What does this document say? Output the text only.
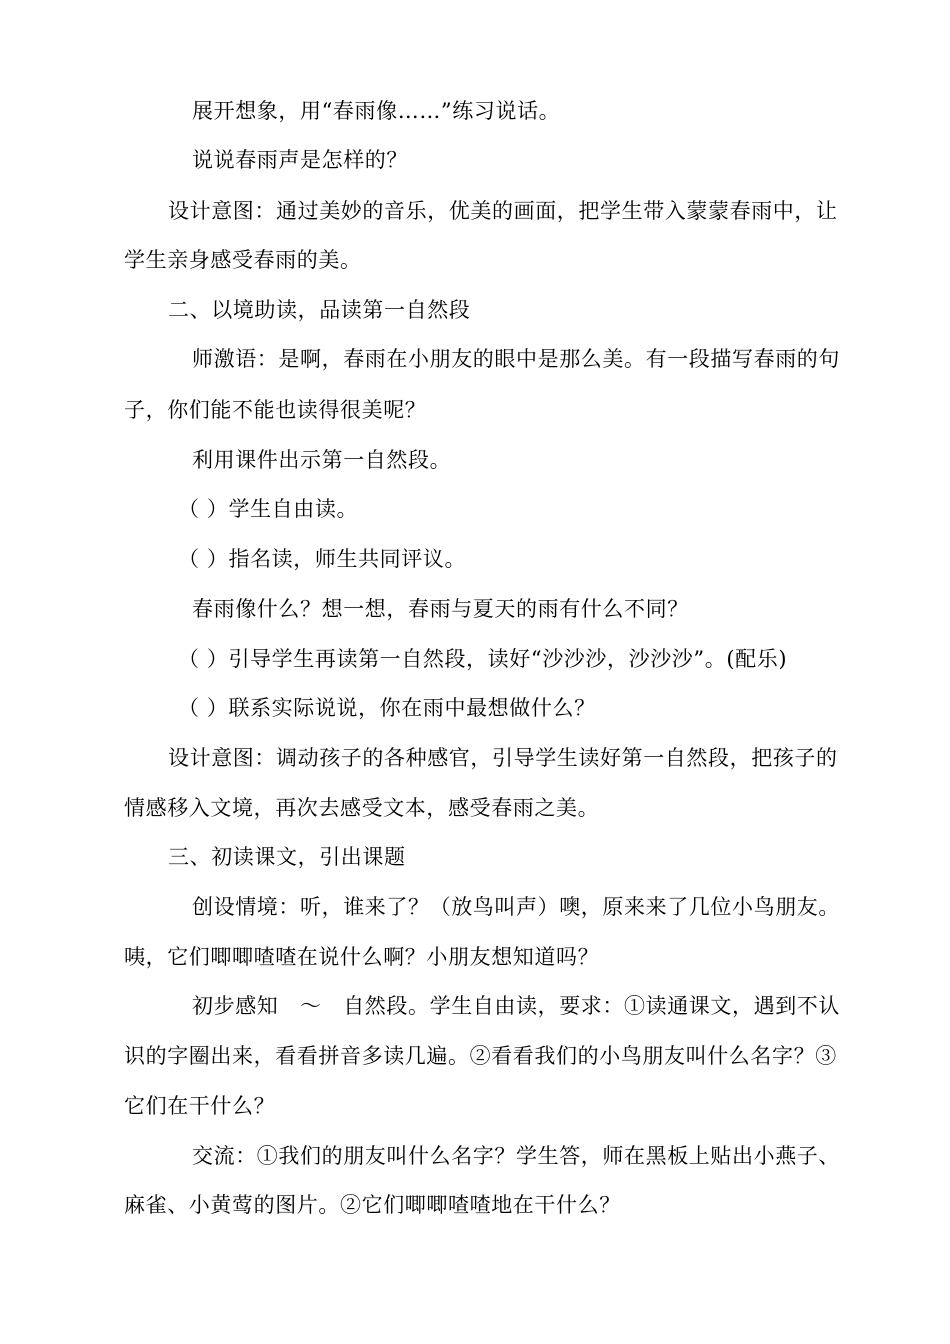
展开想象，用“春雨像……”练习说话。
说说春雨声是怎样的？
设计意图：通过美妙的音乐，优美的画面，把学生带入蒙蒙春雨中，让
学生亲身感受春雨的美。
二、以境助读，品读第一自然段
师激语：是啊，春雨在小朋友的眼中是那么美。有一段描写春雨的句
子，你们能不能也读得很美呢？
利用课件出示第一自然段。
（ ）学生自由读。
（ ）指名读，师生共同评议。
春雨像什么？想一想，春雨与夏天的雨有什么不同？
（ ）引导学生再读第一自然段，读好“沙沙沙，沙沙沙”。(配乐)
（ ）联系实际说说，你在雨中最想做什么？
设计意图：调动孩子的各种感官，引导学生读好第一自然段，把孩子的
情感移入文境，再次去感受文本，感受春雨之美。
三、初读课文，引出课题
创设情境：听，谁来了？（放鸟叫声）噢，原来来了几位小鸟朋友。
咦，它们唧唧喳喳在说什么啊？小朋友想知道吗？
初步感知　～　自然段。学生自由读，要求：①读通课文，遇到不认
识的字圈出来，看看拼音多读几遍。②看看我们的小鸟朋友叫什么名字？③
它们在干什么？
交流：①我们的朋友叫什么名字？学生答，师在黑板上贴出小燕子、
麻雀、小黄莺的图片。②它们唧唧喳喳地在干什么？
